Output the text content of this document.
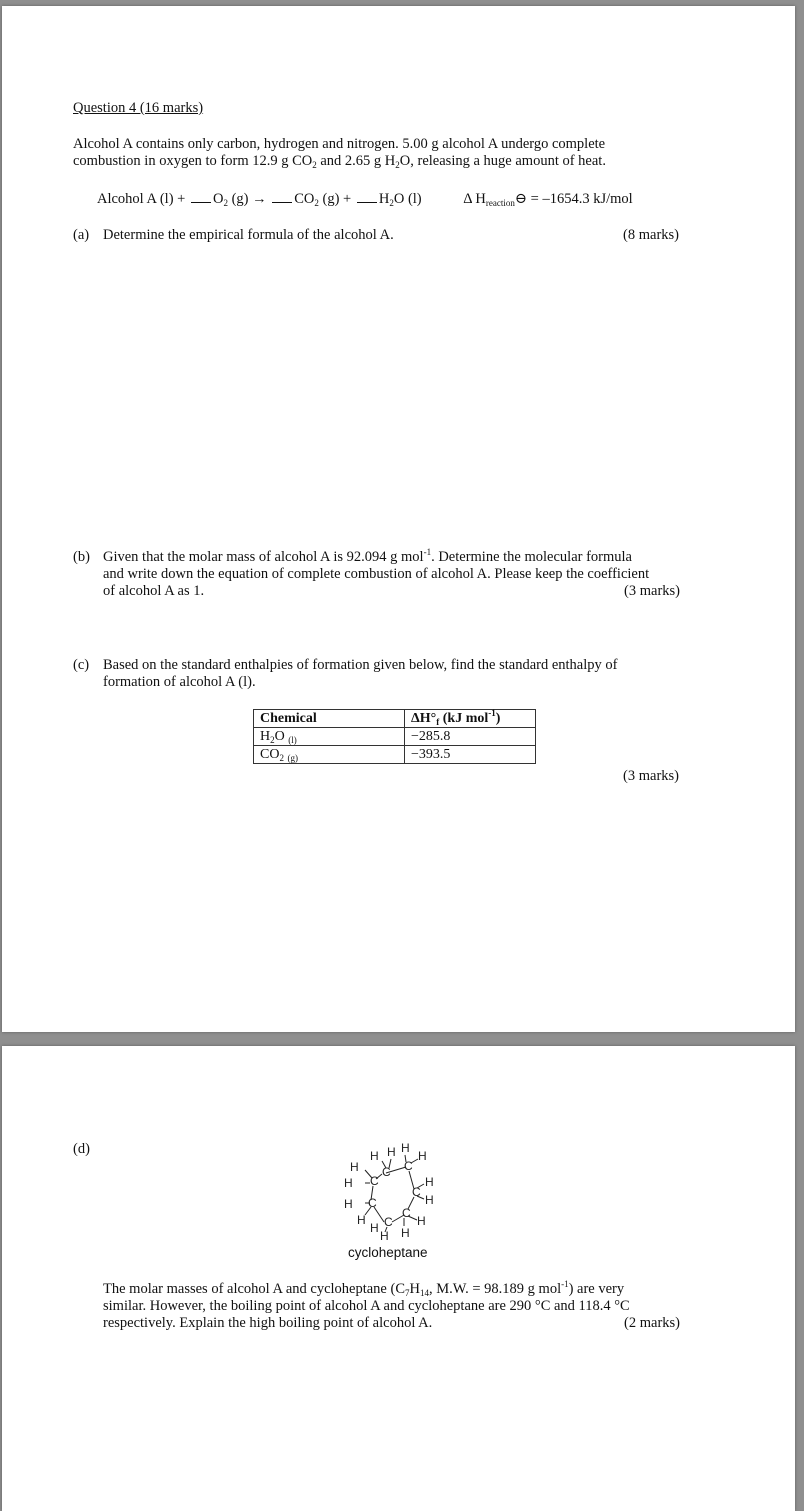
Question 4 (16 marks)
Alcohol A contains only carbon, hydrogen and nitrogen. 5.00 g alcohol A undergo complete
combustion in oxygen to form 12.9 g $CO_2$ and 2.65 g $H_2O$, releasing a huge amount of heat.
Alcohol A $(l) + O_2$ $(g) \to CO_2$ $(g) + H_2O$ (l)	Δ $H_{reaction}⊖ = -1654.3$ kJ/mol
(a) Determine the empirical formula of the alcohol A.	(8 marks)
(b) Given that the molar mass of alcohol A is 92.094 g mol$^{-1}$. Determine the molecular formula
and write down the equation of complete combustion of alcohol A. Please keep the coefficient
of alcohol A as 1.	(3 marks)
(c) Based on the standard enthalpies of formation given below, find the standard enthalpy of
formation of alcohol A (l).
Chemical	$\Delta H^\circ_f$ (kJ mol$^{-1}$)
$H_2O$ $_{(l)}$	−285.8
$CO_2$ $_{(g)}$	−393.5
(3 marks)
(d)
C C
C
C
C
C
C
H H H
H
H
H	H
H
H
H	H
H
H H
cycloheptane
The molar masses of alcohol A and cycloheptane ($C_7H_{14}$, M.W. = 98.189 g mol$^{-1}$) are very
similar. However, the boiling point of alcohol A and cycloheptane are 290 °C and 118.4 °C
respectively. Explain the high boiling point of alcohol A.	(2 marks)
